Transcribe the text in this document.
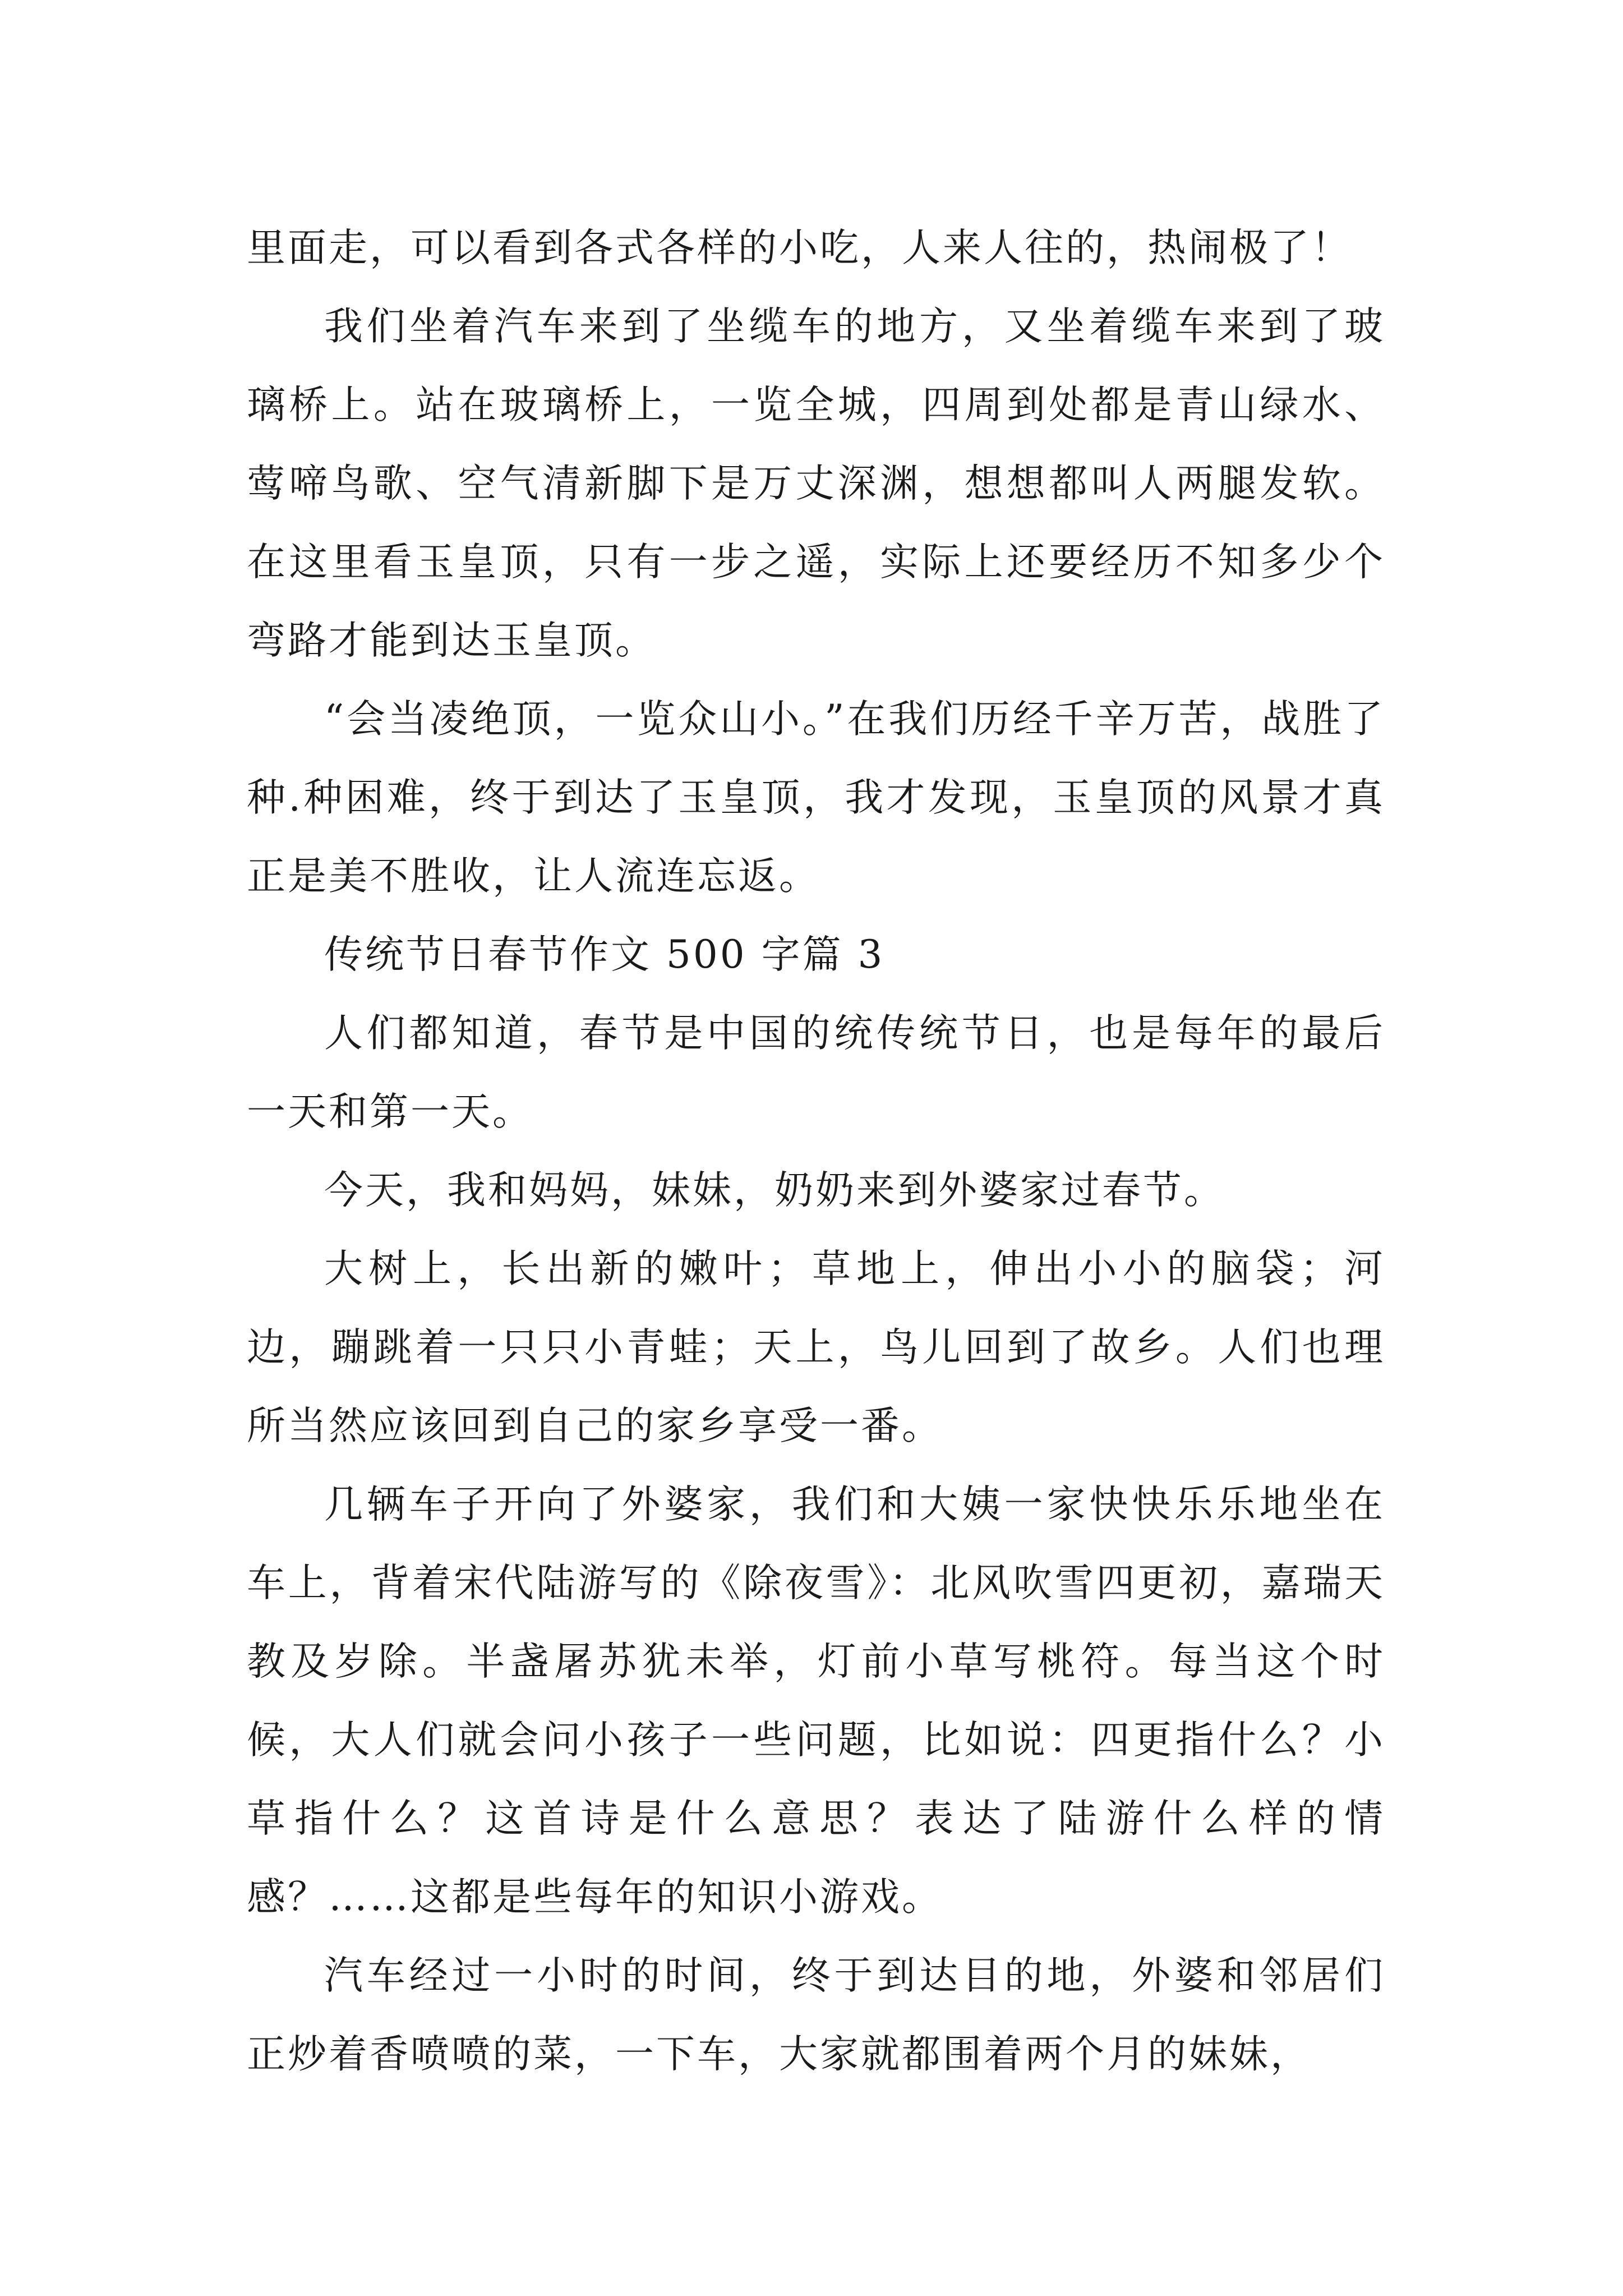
里面走，可以看到各式各样的小吃，人来人往的，热闹极了！

我们坐着汽车来到了坐缆车的地方，又坐着缆车来到了玻璃桥上。站在玻璃桥上，一览全城，四周到处都是青山绿水、莺啼鸟歌、空气清新脚下是万丈深渊，想想都叫人两腿发软。在这里看玉皇顶，只有一步之遥，实际上还要经历不知多少个弯路才能到达玉皇顶。

“会当凌绝顶，一览众山小。”在我们历经千辛万苦，战胜了种.种困难，终于到达了玉皇顶，我才发现，玉皇顶的风景才真正是美不胜收，让人流连忘返。

传统节日春节作文 500 字篇 3

人们都知道，春节是中国的统传统节日，也是每年的最后一天和第一天。

今天，我和妈妈，妹妹，奶奶来到外婆家过春节。

大树上，长出新的嫩叶；草地上，伸出小小的脑袋；河边，蹦跳着一只只小青蛙；天上，鸟儿回到了故乡。人们也理所当然应该回到自己的家乡享受一番。

几辆车子开向了外婆家，我们和大姨一家快快乐乐地坐在车上，背着宋代陆游写的《除夜雪》：北风吹雪四更初，嘉瑞天教及岁除。半盏屠苏犹未举，灯前小草写桃符。每当这个时候，大人们就会问小孩子一些问题，比如说：四更指什么？小草指什么？这首诗是什么意思？表达了陆游什么样的情感？……这都是些每年的知识小游戏。

汽车经过一小时的时间，终于到达目的地，外婆和邻居们正炒着香喷喷的菜，一下车，大家就都围着两个月的妹妹，
